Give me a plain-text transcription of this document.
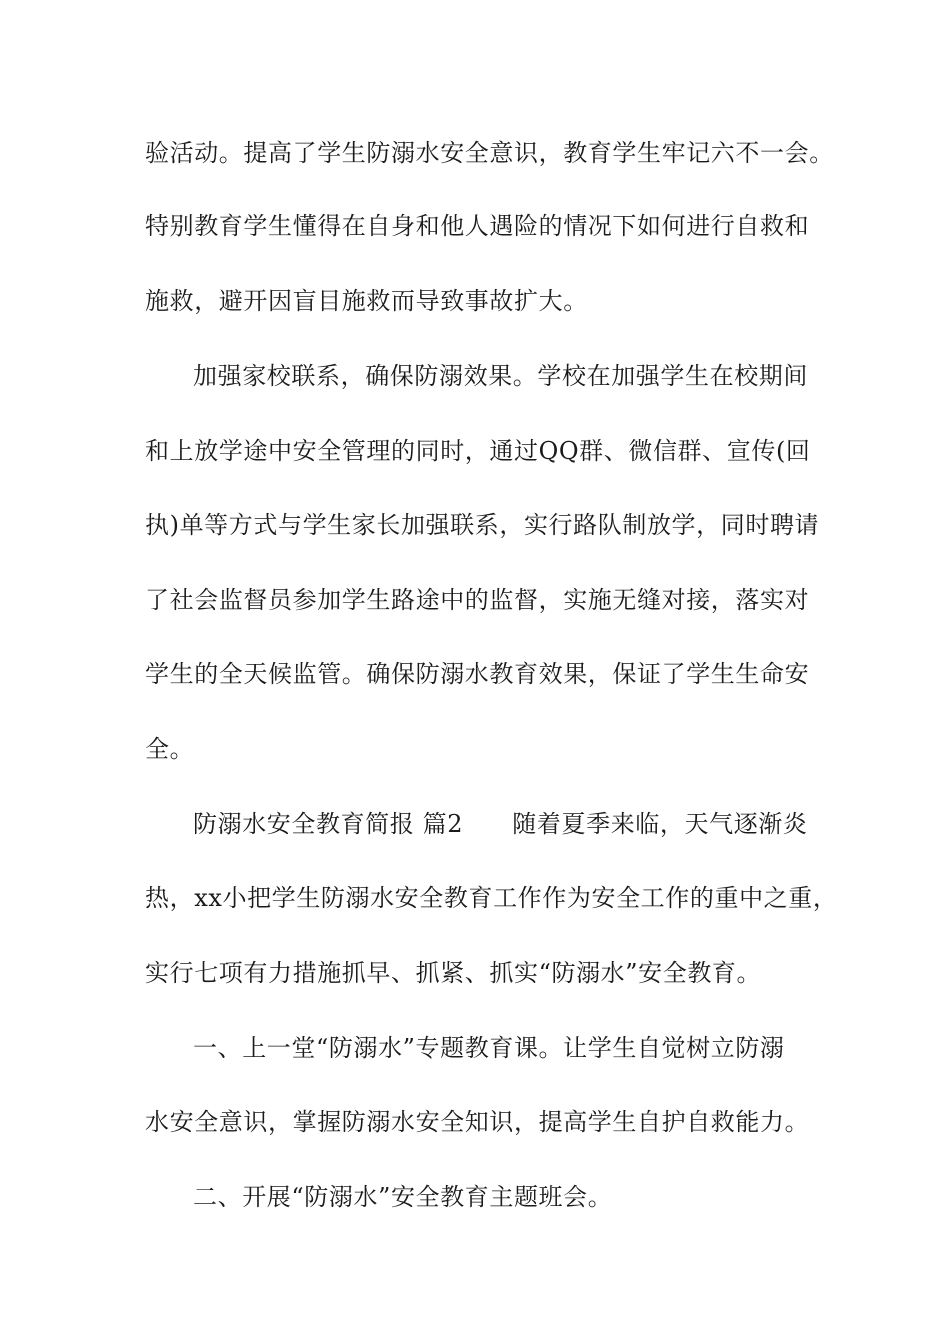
验活动。提高了学生防溺水安全意识，教育学生牢记六不一会。
特别教育学生懂得在自身和他人遇险的情况下如何进行自救和
施救，避开因盲目施救而导致事故扩大。
加强家校联系，确保防溺效果。学校在加强学生在校期间
和上放学途中安全管理的同时，通过QQ群、微信群、宣传(回
执)单等方式与学生家长加强联系，实行路队制放学，同时聘请
了社会监督员参加学生路途中的监督，实施无缝对接，落实对
学生的全天候监管。确保防溺水教育效果，保证了学生生命安
全。
防溺水安全教育简报 篇2　　随着夏季来临，天气逐渐炎
热，xx小把学生防溺水安全教育工作作为安全工作的重中之重，
实行七项有力措施抓早、抓紧、抓实“防溺水”安全教育。
一、上一堂“防溺水”专题教育课。让学生自觉树立防溺
水安全意识，掌握防溺水安全知识，提高学生自护自救能力。
二、开展“防溺水”安全教育主题班会。
